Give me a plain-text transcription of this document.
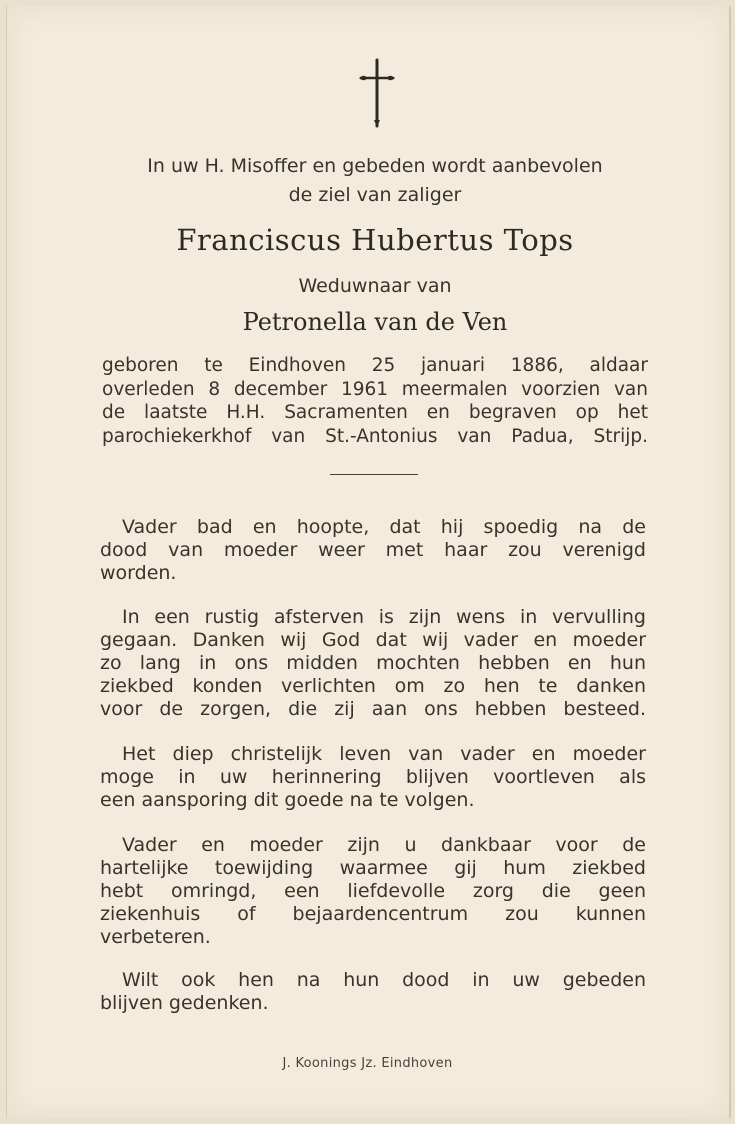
In uw H. Misoffer en gebeden wordt aanbevolen
de ziel van zaliger
Franciscus Hubertus Tops
Weduwnaar van
Petronella van de Ven
geboren te Eindhoven 25 januari 1886, aldaar
overleden 8 december 1961 meermalen voorzien van
de laatste H.H. Sacramenten en begraven op het
parochiekerkhof van St.-Antonius van Padua, Strijp.
Vader bad en hoopte, dat hij spoedig na de
dood van moeder weer met haar zou verenigd
worden.
In een rustig afsterven is zijn wens in vervulling
gegaan. Danken wij God dat wij vader en moeder
zo lang in ons midden mochten hebben en hun
ziekbed konden verlichten om zo hen te danken
voor de zorgen, die zij aan ons hebben besteed.
Het diep christelijk leven van vader en moeder
moge in uw herinnering blijven voortleven als
een aansporing dit goede na te volgen.
Vader en moeder zijn u dankbaar voor de
hartelijke toewijding waarmee gij hum ziekbed
hebt omringd, een liefdevolle zorg die geen
ziekenhuis of bejaardencentrum zou kunnen
verbeteren.
Wilt ook hen na hun dood in uw gebeden
blijven gedenken.
J. Koonings Jz. Eindhoven
